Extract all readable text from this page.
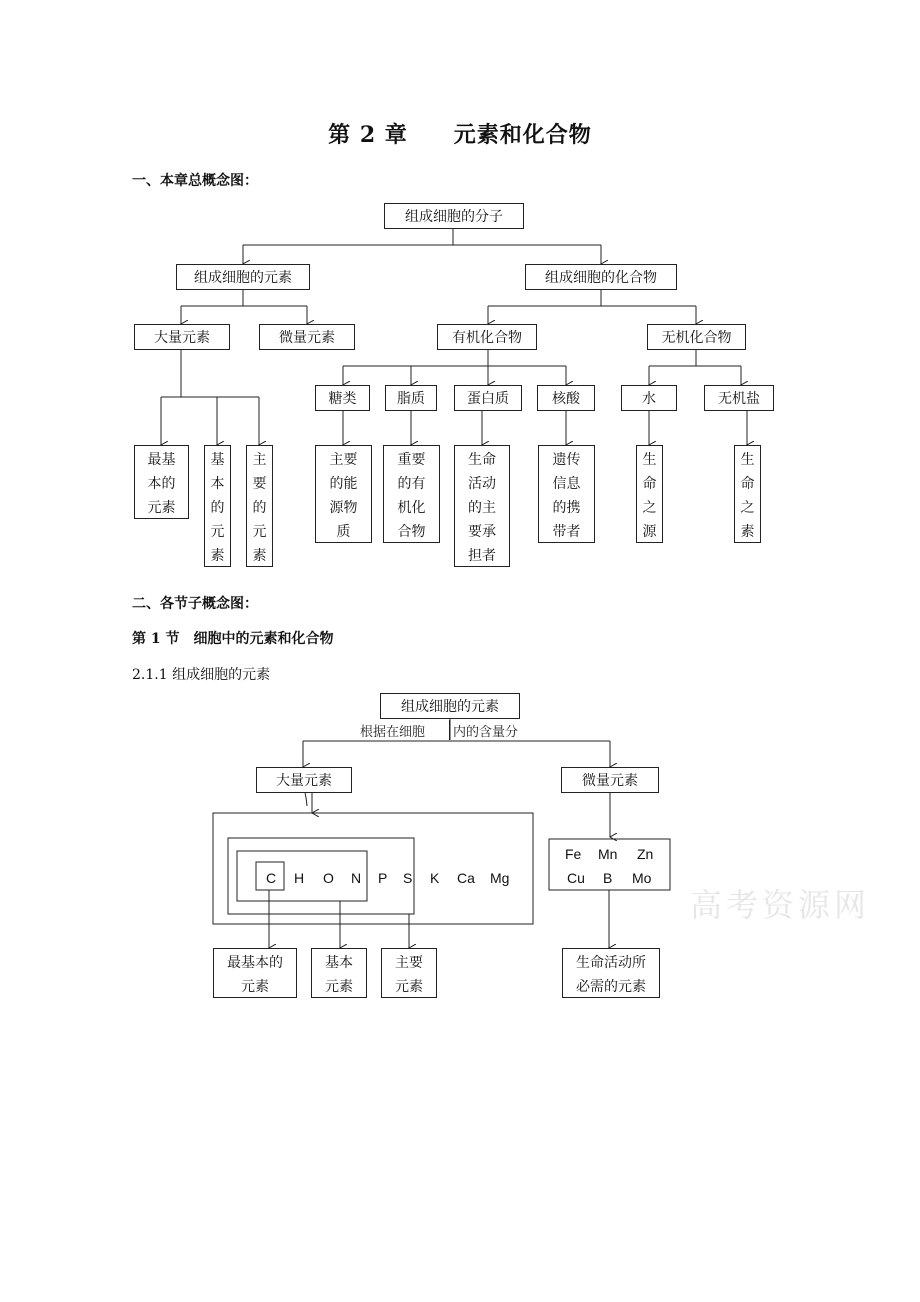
第 2 章　　元素和化合物
一、本章总概念图：
二、各节子概念图：
第 1 节　细胞中的元素和化合物
2.1.1 组成细胞的元素
组成细胞的分子
组成细胞的元素	组成细胞的化合物
大量元素	微量元素	有机化合物	无机化合物
糖类	脂质	蛋白质	核酸	水	无机盐
最基
本的
元素
基
本
的
元
素
主
要
的
元
素
主要
的能
源物
质
重要
的有
机化
合物
生命
活动
的主
要承
担者
遗传
信息
的携
带者
生
命
之
源
生
命
之
素
组成细胞的元素
根据在细胞 内的含量分
大量元素	微量元素
C H O N P S K Ca Mg
Fe Mn Zn
Cu B Mo
高考资源网
最基本的
元素
基本
元素
主要
元素
生命活动所
必需的元素
